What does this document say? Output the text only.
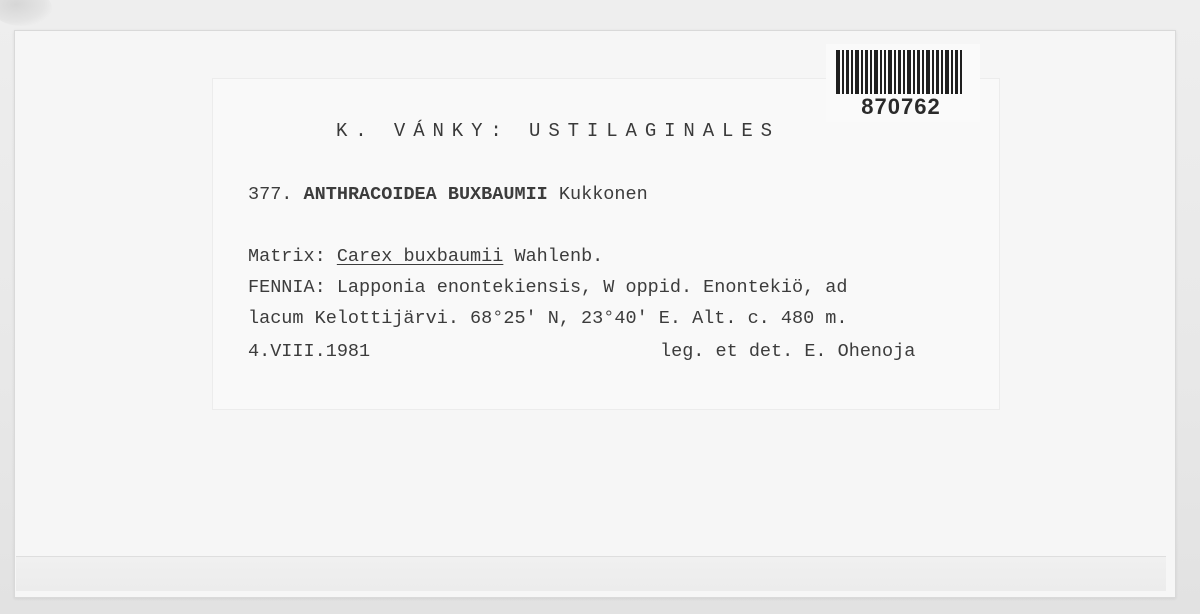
870762
K. VÁNKY: USTILAGINALES
377. ANTHRACOIDEA BUXBAUMII Kukkonen
Matrix: Carex buxbaumii Wahlenb.
FENNIA: Lapponia enontekiensis, W oppid. Enontekiö, ad
lacum Kelottijärvi. 68°25' N, 23°40' E. Alt. c. 480 m.
4.VIII.1981	leg. et det. E. Ohenoja
